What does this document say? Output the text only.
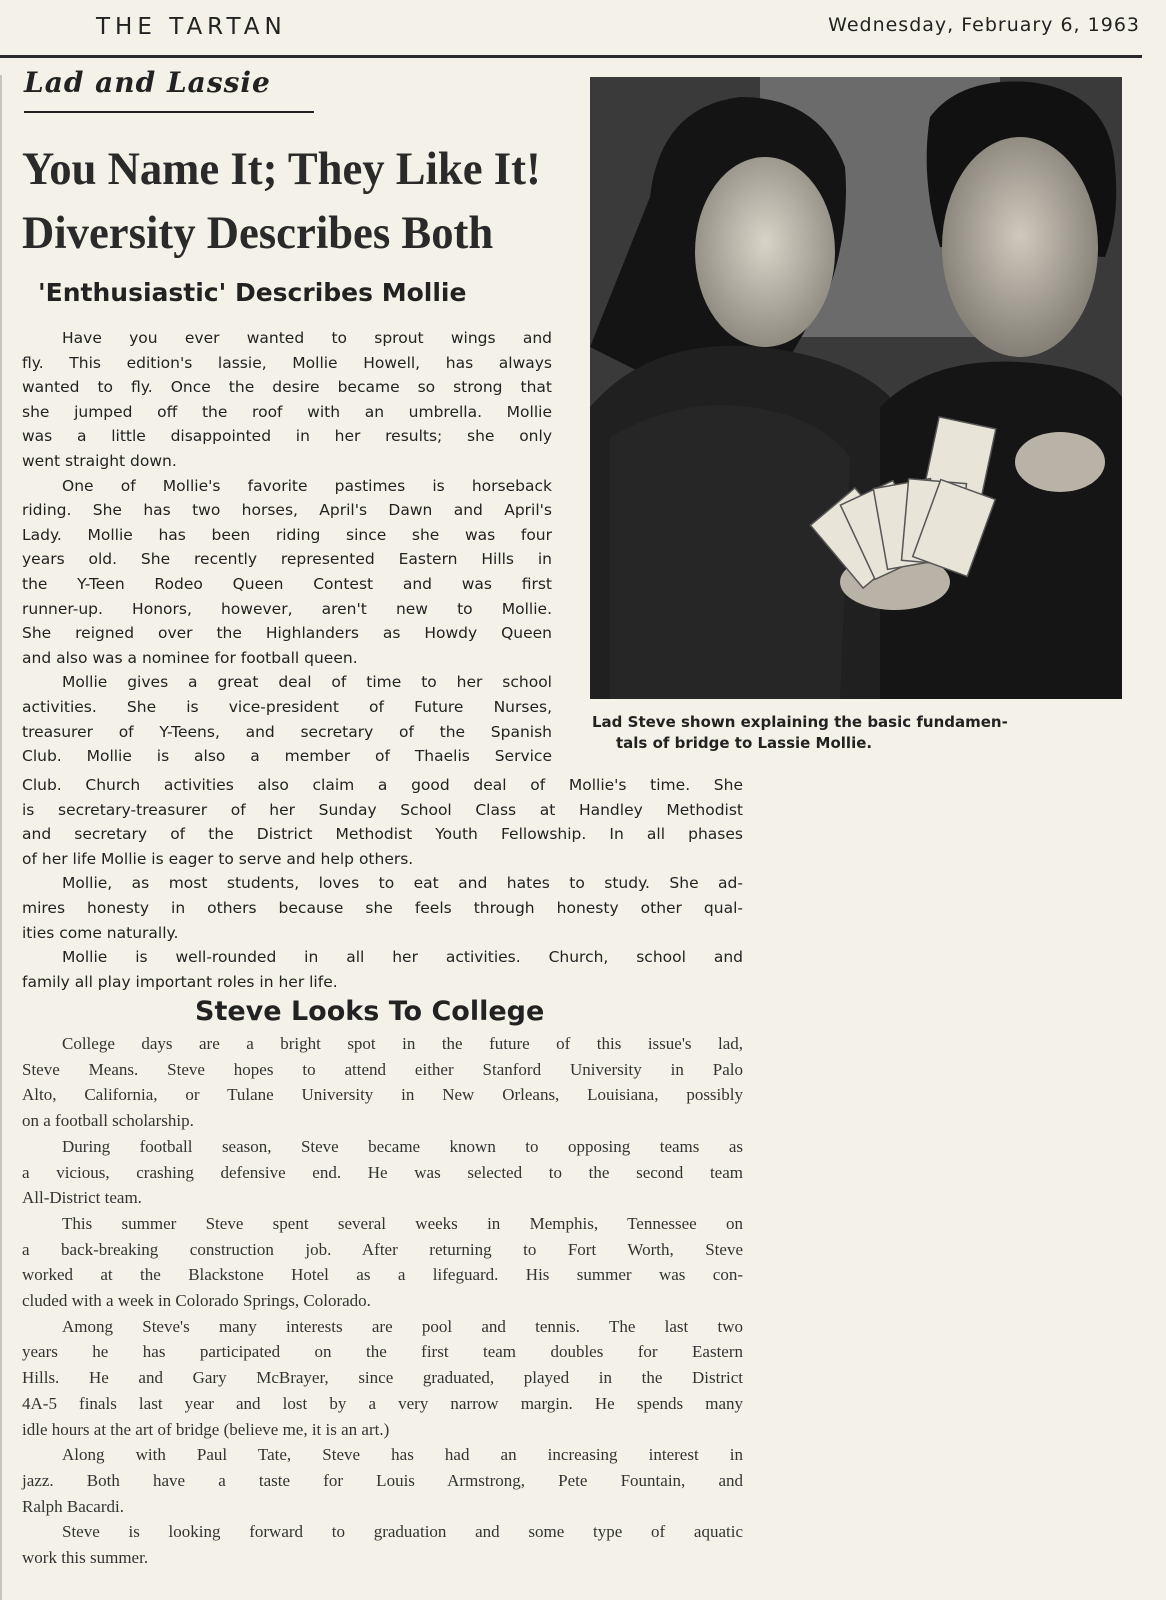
THE TARTAN	Wednesday, February 6, 1963
Lad and Lassie
You Name It; They Like It!
Diversity Describes Both
'Enthusiastic' Describes Mollie

Have you ever wanted to sprout wings and

fly. This edition's lassie, Mollie Howell, has always

wanted to fly. Once the desire became so strong that

she jumped off the roof with an umbrella. Mollie

was a little disappointed in her results; she only

went straight down.

One of Mollie's favorite pastimes is horseback

riding. She has two horses, April's Dawn and April's

Lady. Mollie has been riding since she was four

years old. She recently represented Eastern Hills in

the Y-Teen Rodeo Queen Contest and was first

runner-up. Honors, however, aren't new to Mollie.

She reigned over the Highlanders as Howdy Queen

and also was a nominee for football queen.

Mollie gives a great deal of time to her school

activities. She is vice-president of Future Nurses,

treasurer of Y-Teens, and secretary of the Spanish

Club. Mollie is also a member of Thaelis Service

Lad Steve shown explaining the basic fundamen-
tals of bridge to Lassie Mollie.

Club. Church activities also claim a good deal of Mollie's time. She

is secretary-treasurer of her Sunday School Class at Handley Methodist

and secretary of the District Methodist Youth Fellowship. In all phases

of her life Mollie is eager to serve and help others.

Mollie, as most students, loves to eat and hates to study. She ad-

mires honesty in others because she feels through honesty other qual-

ities come naturally.

Mollie is well-rounded in all her activities. Church, school and

family all play important roles in her life.

Steve Looks To College

College days are a bright spot in the future of this issue's lad,

Steve Means. Steve hopes to attend either Stanford University in Palo

Alto, California, or Tulane University in New Orleans, Louisiana, possibly

on a football scholarship.

During football season, Steve became known to opposing teams as

a vicious, crashing defensive end. He was selected to the second team

All-District team.

This summer Steve spent several weeks in Memphis, Tennessee on

a back-breaking construction job. After returning to Fort Worth, Steve

worked at the Blackstone Hotel as a lifeguard. His summer was con-

cluded with a week in Colorado Springs, Colorado.

Among Steve's many interests are pool and tennis. The last two

years he has participated on the first team doubles for Eastern

Hills. He and Gary McBrayer, since graduated, played in the District

4A-5 finals last year and lost by a very narrow margin. He spends many

idle hours at the art of bridge (believe me, it is an art.)

Along with Paul Tate, Steve has had an increasing interest in

jazz. Both have a taste for Louis Armstrong, Pete Fountain, and

Ralph Bacardi.

Steve is looking forward to graduation and some type of aquatic

work this summer.
